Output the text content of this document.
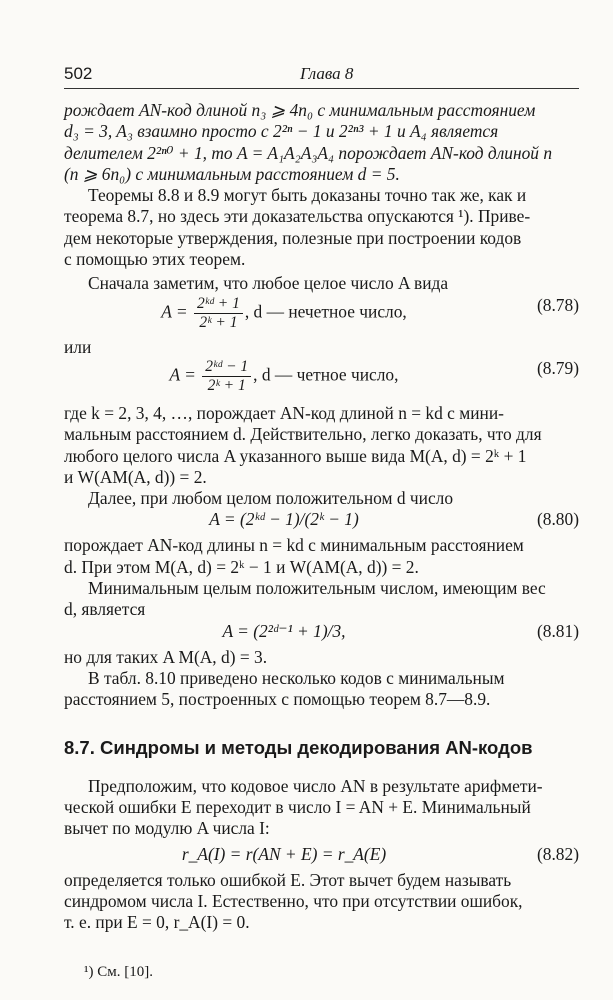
502	Глава 8

рождает AN-код длиной n₃ ⩾ 4n₀ с минимальным расстоянием
d₃ = 3, A₃ взаимно просто с 2²ⁿ − 1 и 2²ⁿ³ + 1 и A₄ является
делителем 2²ⁿ⁰ + 1, то A = A₁A₂A₃A₄ порождает AN-код длиной n
(n ⩾ 6n₀) с минимальным расстоянием d = 5.

Теоремы 8.8 и 8.9 могут быть доказаны точно так же, как и
теорема 8.7, но здесь эти доказательства опускаются ¹). Приве-
дем некоторые утверждения, полезные при построении кодов
с помощью этих теорем.

Сначала заметим, что любое целое число A вида

$A = \frac{\text{2ᵏᵈ + 1}}{\text{2ᵏ + 1}}$ , d — нечетное число,	(8.78)

или

$A = \frac{\text{2ᵏᵈ − 1}}{\text{2ᵏ + 1}}$ , d — четное число,	(8.79)

где k = 2, 3, 4, …, порождает AN-код длиной n = kd с мини-
мальным расстоянием d. Действительно, легко доказать, что для
любого целого числа A указанного выше вида M(A, d) = 2ᵏ + 1
и W(AM(A, d)) = 2.

Далее, при любом целом положительном d число

A = (2ᵏᵈ − 1)/(2ᵏ − 1)	(8.80)

порождает AN-код длины n = kd с минимальным расстоянием
d. При этом M(A, d) = 2ᵏ − 1 и W(AM(A, d)) = 2.

Минимальным целым положительным числом, имеющим вес
d, является

A = (2²ᵈ⁻¹ + 1)/3,	(8.81)

но для таких A M(A, d) = 3.

В табл. 8.10 приведено несколько кодов с минимальным
расстоянием 5, построенных с помощью теорем 8.7—8.9.

8.7. Синдромы и методы декодирования AN-кодов

Предположим, что кодовое число AN в результате арифмети-
ческой ошибки E переходит в число I = AN + E. Минимальный
вычет по модулю A числа I:

r_A(I) = r(AN + E) = r_A(E)	(8.82)

определяется только ошибкой E. Этот вычет будем называть
синдромом числа I. Естественно, что при отсутствии ошибок,
т. е. при E = 0, r_A(I) = 0.

¹) См. [10].
